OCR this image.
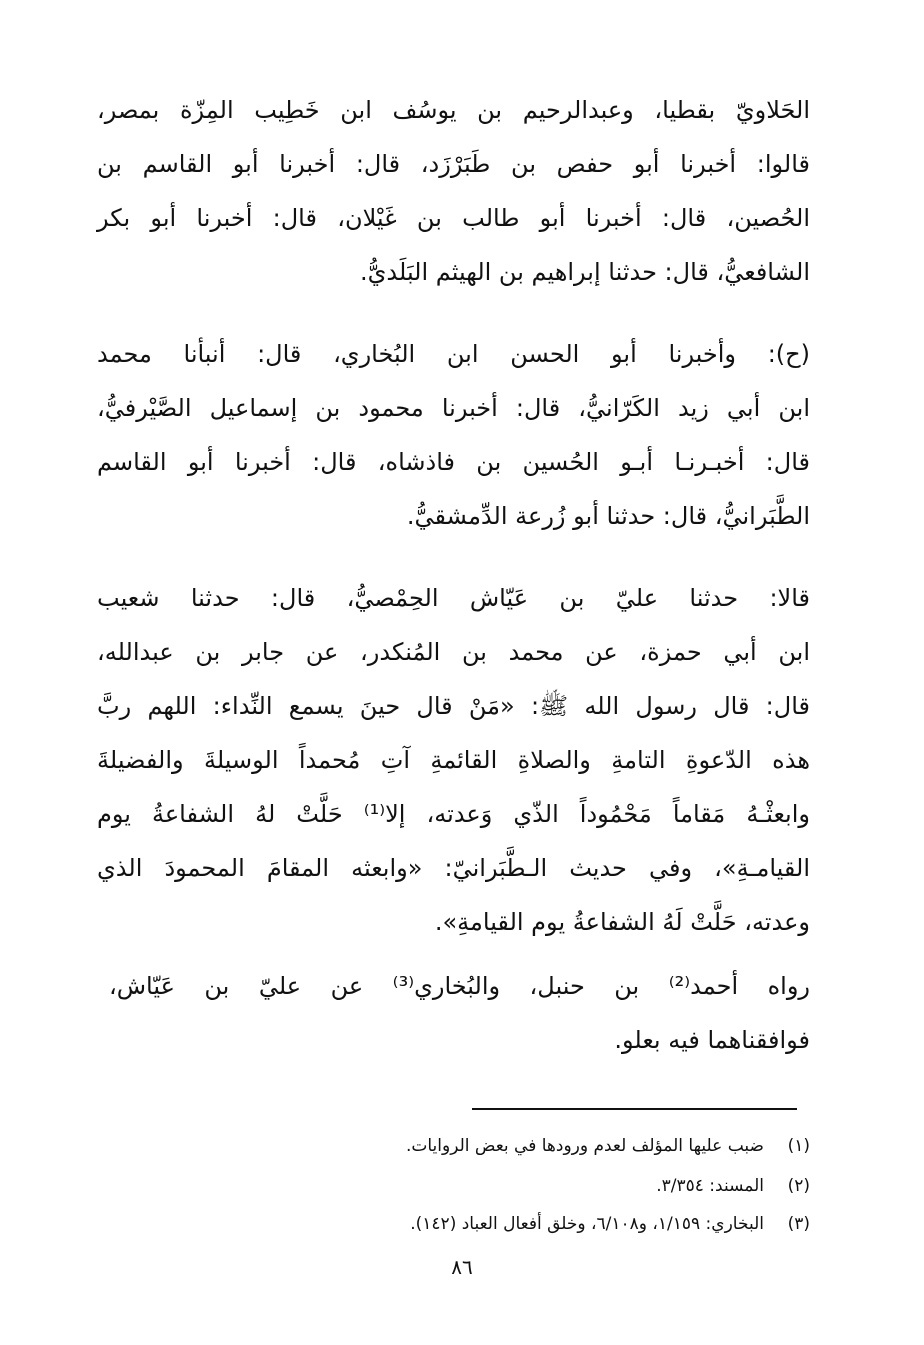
الحَلاويّ بقطيا، وعبدالرحيم بن يوسُف ابن خَطِيب المِزّة بمصر،
قالوا: أخبرنا أبو حفص بن طَبَرْزَد، قال: أخبرنا أبو القاسم بن
الحُصين، قال: أخبرنا أبو طالب بن غَيْلان، قال: أخبرنا أبو بكر
الشافعيُّ، قال: حدثنا إبراهيم بن الهيثم البَلَديُّ.
(ح): وأخبرنا أبو الحسن ابن البُخاري، قال: أنبأنا محمد
ابن أبي زيد الكَرّانيُّ، قال: أخبرنا محمود بن إسماعيل الصَّيْرفيُّ،
قال: أخبـرنـا أبـو الحُسين بن فاذشاه، قال: أخبرنا أبو القاسم
الطَّبَرانيُّ، قال: حدثنا أبو زُرعة الدِّمشقيُّ.
قالا: حدثنا عليّ بن عَيّاش الحِمْصيُّ، قال: حدثنا شعيب
ابن أبي حمزة، عن محمد بن المُنكدر، عن جابر بن عبدالله،
قال: قال رسول الله ﷺ: «مَنْ قال حينَ يسمع النِّداء: اللهم ربَّ
هذه الدّعوةِ التامةِ والصلاةِ القائمةِ آتِ مُحمداً الوسيلةَ والفضيلةَ
وابعثْـهُ مَقاماً مَحْمُوداً الذّي وَعدته، إلا⁽¹⁾ حَلَّتْ لهُ الشفاعةُ يوم
القيامـةِ»، وفي حديث الـطَّبَرانيّ: «وابعثه المقامَ المحمودَ الذي
وعدته، حَلَّتْ لَهُ الشفاعةُ يوم القيامةِ».
رواه أحمد⁽²⁾ بن حنبل، والبُخاري⁽³⁾ عن عليّ بن عَيّاش،
فوافقناهما فيه بعلو.
(١)
ضبب عليها المؤلف لعدم ورودها في بعض الروايات.
(٢)
المسند: ٣/٣٥٤.
(٣)
البخاري: ١/١٥٩، و٦/١٠٨، وخلق أفعال العباد (١٤٢).
٨٦
